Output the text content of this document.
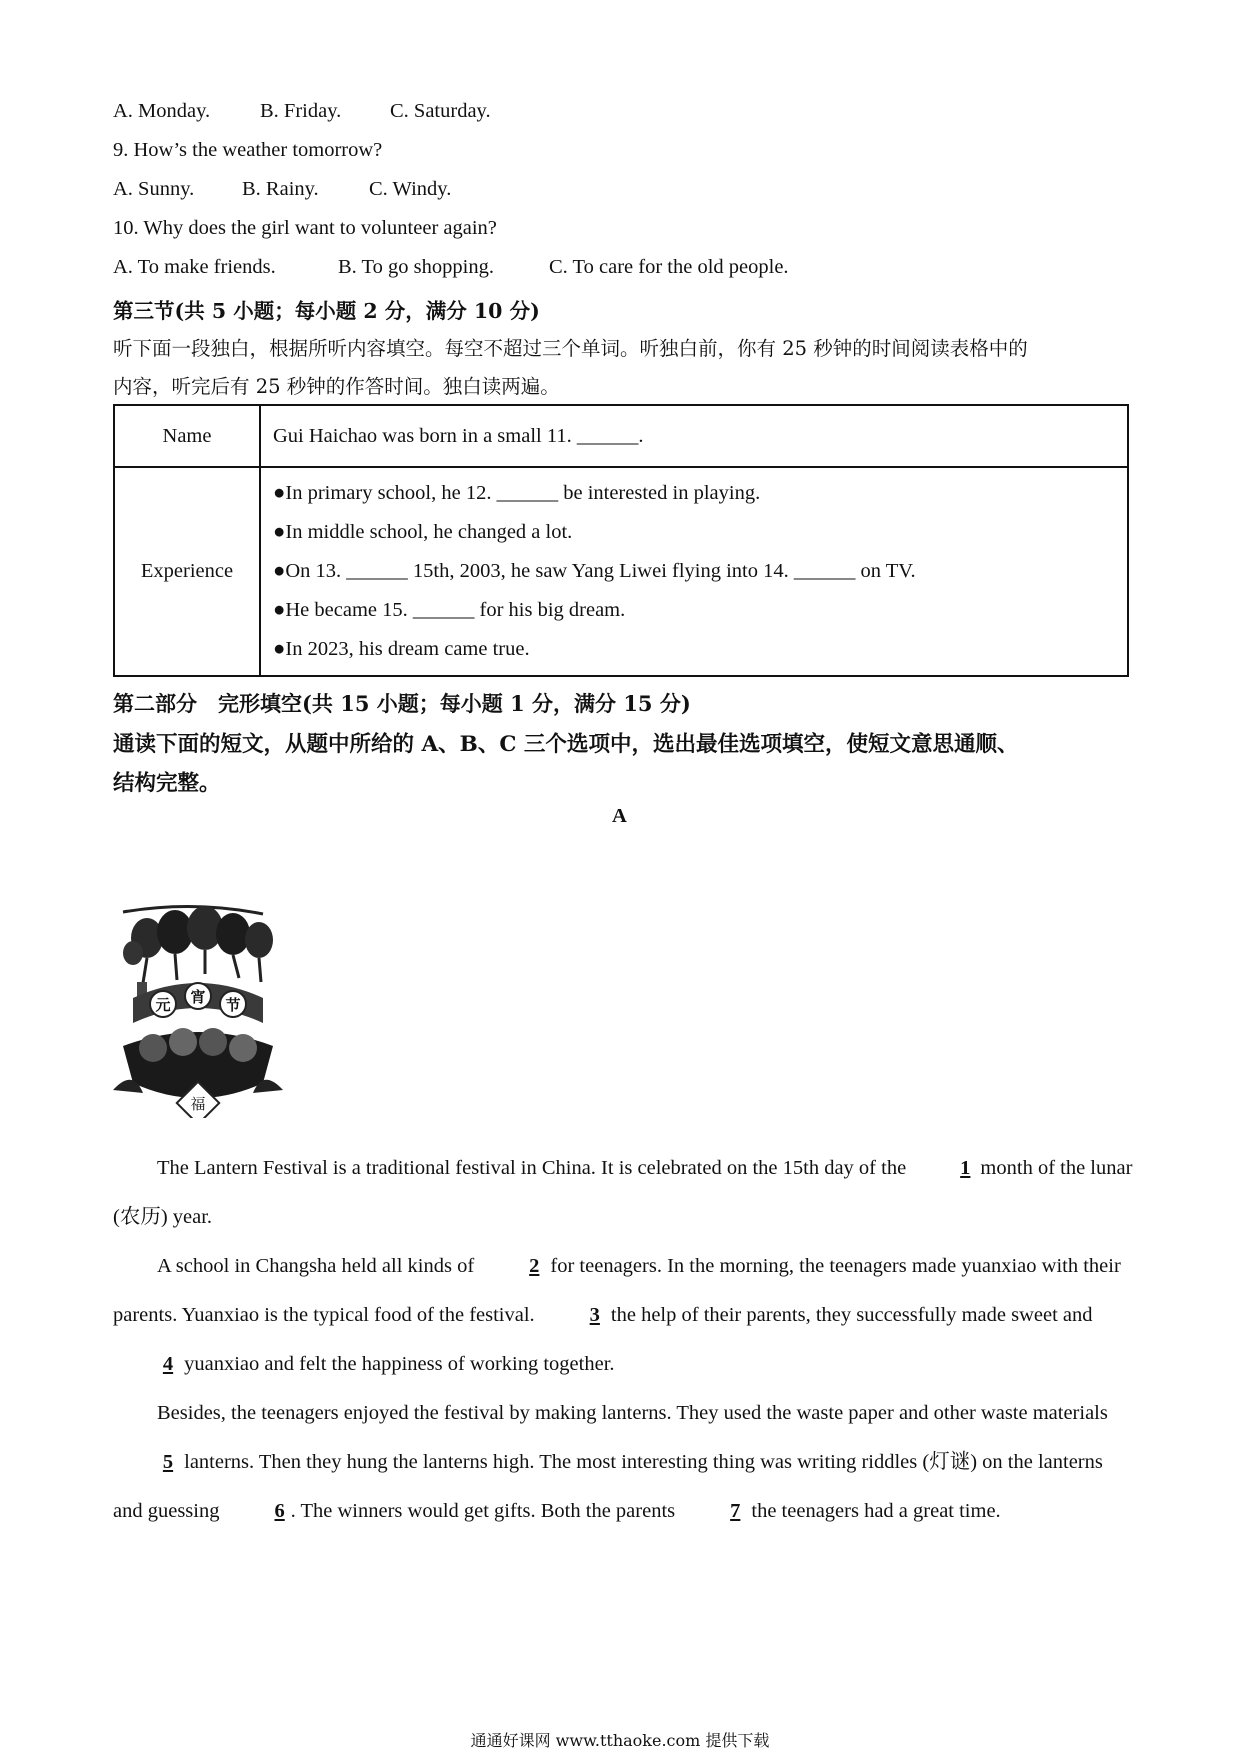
A. Monday. B. Friday. C. Saturday.
9. How’s the weather tomorrow?
A. Sunny. B. Rainy. C. Windy.
10. Why does the girl want to volunteer again?
A. To make friends.	B. To go shopping.	C. To care for the old people.
第三节(共 5 小题；每小题 2 分，满分 10 分)
听下面一段独白，根据所听内容填空。每空不超过三个单词。听独白前，你有 25 秒钟的时间阅读表格中的
内容，听完后有 25 秒钟的作答时间。独白读两遍。
Name	Gui Haichao was born in a small 11. ______.
Experience	●In primary school, he 12. ______ be interested in playing.
●In middle school, he changed a lot.
●On 13. ______ 15th, 2003, he saw Yang Liwei flying into 14. ______ on TV.
●He became 15. ______ for his big dream.
●In 2023, his dream came true.
第二部分　完形填空(共 15 小题；每小题 1 分，满分 15 分)
通读下面的短文，从题中所给的 A、B、C 三个选项中，选出最佳选项填空，使短文意思通顺、
结构完整。
A
元 宵 节
福
The Lantern Festival is a traditional festival in China. It is celebrated on the 15th day of the 1 month of the lunar (农历) year.
A school in Changsha held all kinds of 2 for teenagers. In the morning, the teenagers made yuanxiao with their parents. Yuanxiao is the typical food of the festival. 3 the help of their parents, they successfully made sweet and 4 yuanxiao and felt the happiness of working together.
Besides, the teenagers enjoyed the festival by making lanterns. They used the waste paper and other waste materials 5 lanterns. Then they hung the lanterns high. The most interesting thing was writing riddles (灯谜) on the lanterns and guessing 6 . The winners would get gifts. Both the parents 7 the teenagers had a great time.
通通好课网 www.tthaoke.com 提供下载
